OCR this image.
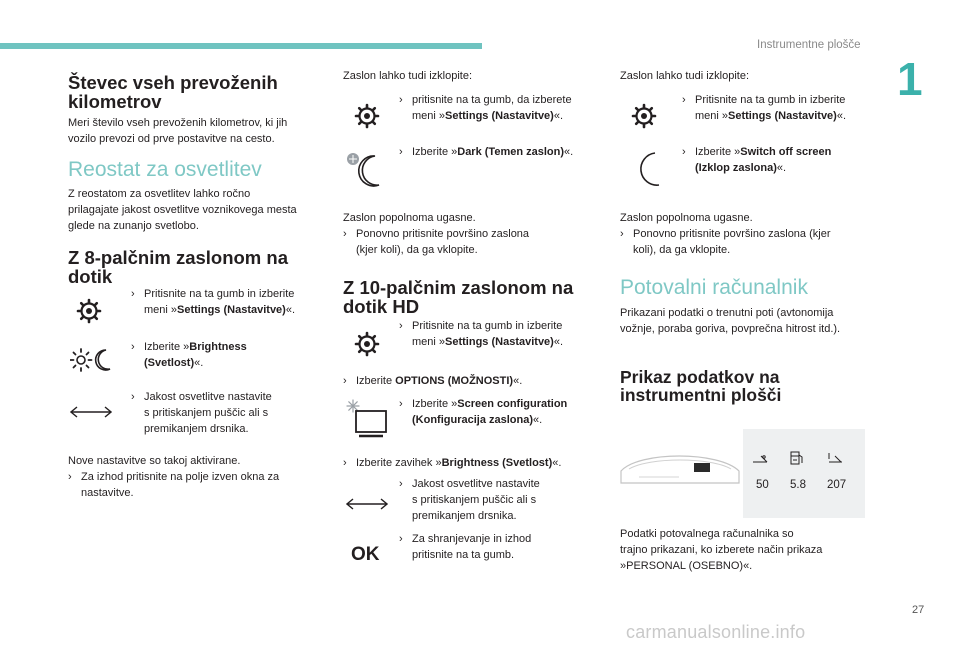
Instrumentne plošče
1
Števec vseh prevoženih
kilometrov
Meri število vseh prevoženih kilometrov, ki jih
vozilo prevozi od prve postavitve na cesto.
Reostat za osvetlitev
Z reostatom za osvetlitev lahko ročno
prilagajate jakost osvetlitve voznikovega mesta
glede na zunanjo svetlobo.
Z 8-palčnim zaslonom na
dotik
› Pritisnite na ta gumb in izberite
meni »Settings (Nastavitve)«.
› Izberite »Brightness
(Svetlost)«.
› Jakost osvetlitve nastavite
s pritiskanjem puščic ali s
premikanjem drsnika.
Nove nastavitve so takoj aktivirane.
› Za izhod pritisnite na polje izven okna za
nastavitve.
Zaslon lahko tudi izklopite:
› pritisnite na ta gumb, da izberete
meni »Settings (Nastavitve)«.
› Izberite »Dark (Temen zaslon)«.
Zaslon popolnoma ugasne.
› Ponovno pritisnite površino zaslona
(kjer koli), da ga vklopite.
Z 10-palčnim zaslonom na
dotik HD
› Pritisnite na ta gumb in izberite
meni »Settings (Nastavitve)«.
› Izberite OPTIONS (MOŽNOSTI)«.
› Izberite »Screen configuration
(Konfiguracija zaslona)«.
› Izberite zavihek »Brightness (Svetlost)«.
› Jakost osvetlitve nastavite
s pritiskanjem puščic ali s
premikanjem drsnika.
OK
› Za shranjevanje in izhod
pritisnite na ta gumb.
Zaslon lahko tudi izklopite:
› Pritisnite na ta gumb in izberite
meni »Settings (Nastavitve)«.
› Izberite »Switch off screen
(Izklop zaslona)«.
Zaslon popolnoma ugasne.
› Ponovno pritisnite površino zaslona (kjer
koli), da ga vklopite.
Potovalni računalnik
Prikazani podatki o trenutni poti (avtonomija
vožnje, poraba goriva, povprečna hitrost itd.).
Prikaz podatkov na
instrumentni plošči
50 5.8 207
Podatki potovalnega računalnika so
trajno prikazani, ko izberete način prikaza
»PERSONAL (OSEBNO)«.
27
carmanualsonline.info
